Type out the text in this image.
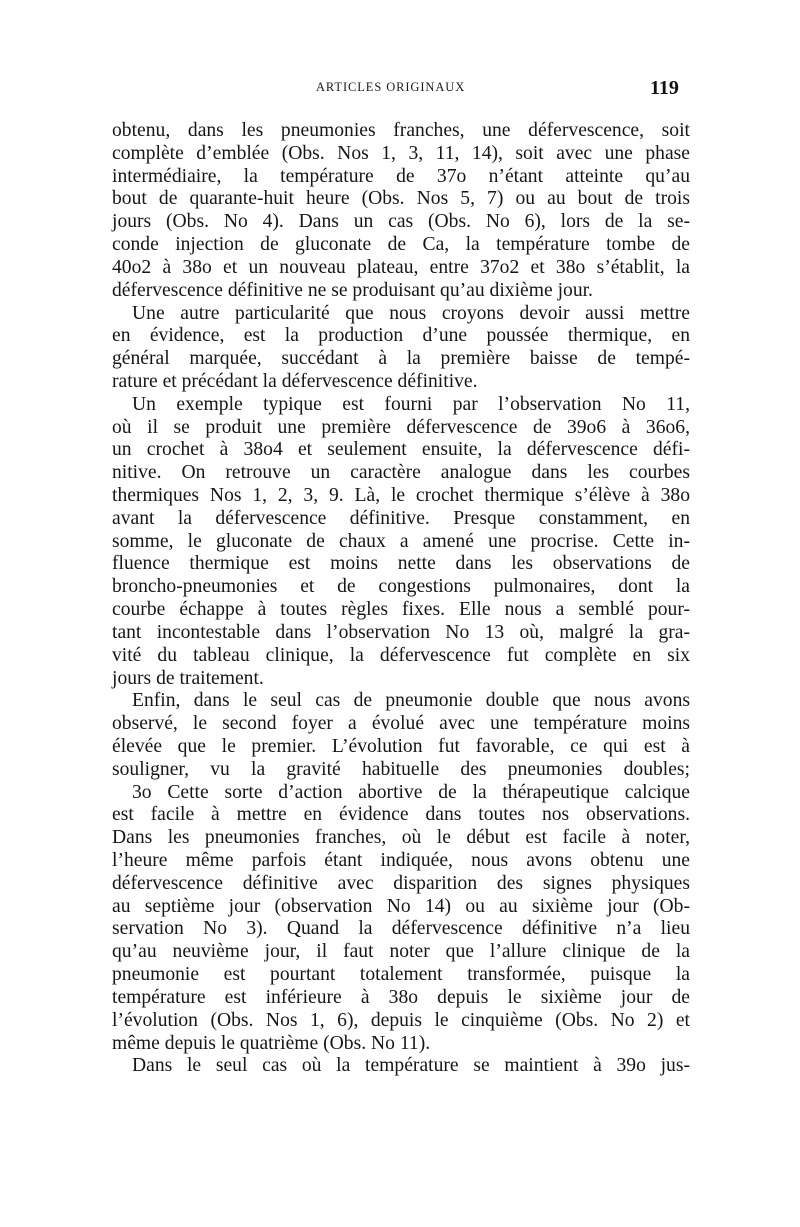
ARTICLES ORIGINAUX	119
obtenu, dans les pneumonies franches, une défervescence, soit
complète d’emblée (Obs. Nos 1, 3, 11, 14), soit avec une phase
intermédiaire, la température de 37o n’étant atteinte qu’au
bout de quarante-huit heure (Obs. Nos 5, 7) ou au bout de trois
jours (Obs. No 4). Dans un cas (Obs. No 6), lors de la se-
conde injection de gluconate de Ca, la température tombe de
40o2 à 38o et un nouveau plateau, entre 37o2 et 38o s’établit, la
défervescence définitive ne se produisant qu’au dixième jour.
Une autre particularité que nous croyons devoir aussi mettre
en évidence, est la production d’une poussée thermique, en
général marquée, succédant à la première baisse de tempé-
rature et précédant la défervescence définitive.
Un exemple typique est fourni par l’observation No 11,
où il se produit une première défervescence de 39o6 à 36o6,
un crochet à 38o4 et seulement ensuite, la défervescence défi-
nitive. On retrouve un caractère analogue dans les courbes
thermiques Nos 1, 2, 3, 9. Là, le crochet thermique s’élève à 38o
avant la défervescence définitive. Presque constamment, en
somme, le gluconate de chaux a amené une procrise. Cette in-
fluence thermique est moins nette dans les observations de
broncho-pneumonies et de congestions pulmonaires, dont la
courbe échappe à toutes règles fixes. Elle nous a semblé pour-
tant incontestable dans l’observation No 13 où, malgré la gra-
vité du tableau clinique, la défervescence fut complète en six
jours de traitement.
Enfin, dans le seul cas de pneumonie double que nous avons
observé, le second foyer a évolué avec une température moins
élevée que le premier. L’évolution fut favorable, ce qui est à
souligner, vu la gravité habituelle des pneumonies doubles;
3o Cette sorte d’action abortive de la thérapeutique calcique
est facile à mettre en évidence dans toutes nos observations.
Dans les pneumonies franches, où le début est facile à noter,
l’heure même parfois étant indiquée, nous avons obtenu une
défervescence définitive avec disparition des signes physiques
au septième jour (observation No 14) ou au sixième jour (Ob-
servation No 3). Quand la défervescence définitive n’a lieu
qu’au neuvième jour, il faut noter que l’allure clinique de la
pneumonie est pourtant totalement transformée, puisque la
température est inférieure à 38o depuis le sixième jour de
l’évolution (Obs. Nos 1, 6), depuis le cinquième (Obs. No 2) et
même depuis le quatrième (Obs. No 11).
Dans le seul cas où la température se maintient à 39o jus-
